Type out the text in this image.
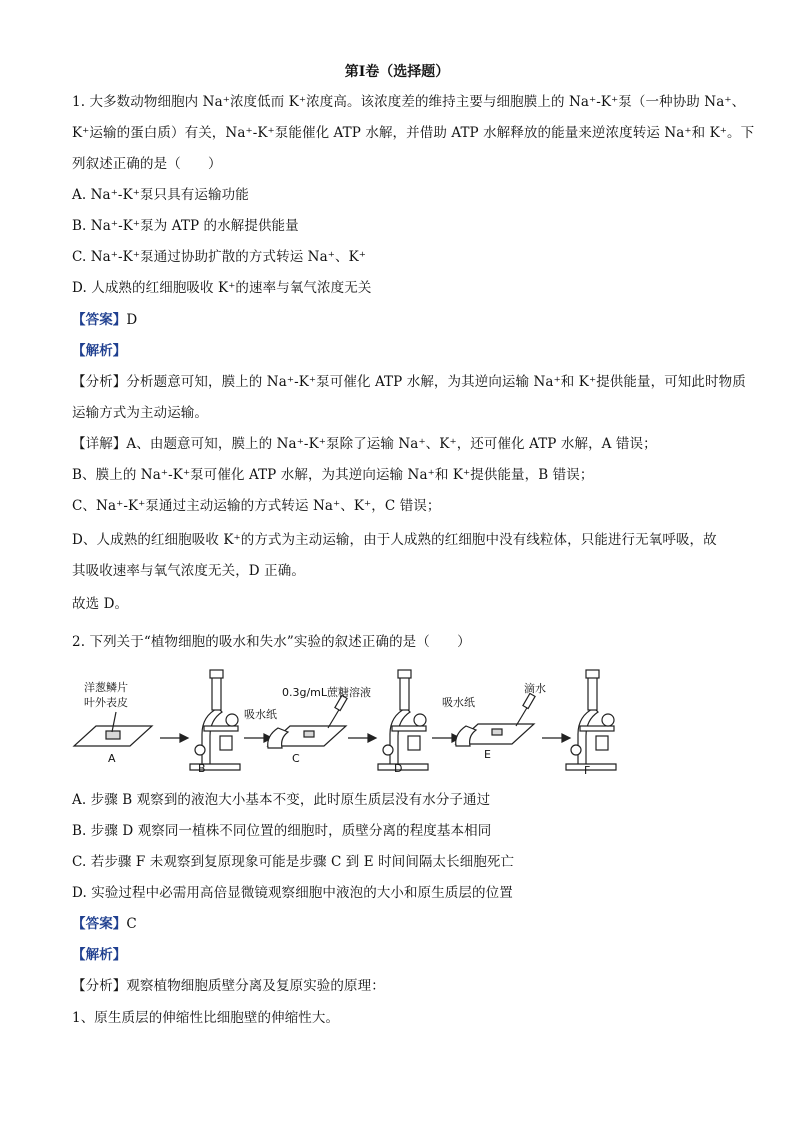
第Ⅰ卷（选择题）
1. 大多数动物细胞内 Na⁺浓度低而 K⁺浓度高。该浓度差的维持主要与细胞膜上的 Na⁺-K⁺泵（一种协助 Na⁺、
K⁺运输的蛋白质）有关，Na⁺-K⁺泵能催化 ATP 水解，并借助 ATP 水解释放的能量来逆浓度转运 Na⁺和 K⁺。下
列叙述正确的是（　　）
A. Na⁺-K⁺泵只具有运输功能
B. Na⁺-K⁺泵为 ATP 的水解提供能量
C. Na⁺-K⁺泵通过协助扩散的方式转运 Na⁺、K⁺
D. 人成熟的红细胞吸收 K⁺的速率与氧气浓度无关
【答案】D
【解析】
【分析】分析题意可知，膜上的 Na⁺-K⁺泵可催化 ATP 水解，为其逆向运输 Na⁺和 K⁺提供能量，可知此时物质
运输方式为主动运输。
【详解】A、由题意可知，膜上的 Na⁺-K⁺泵除了运输 Na⁺、K⁺，还可催化 ATP 水解，A 错误；
B、膜上的 Na⁺-K⁺泵可催化 ATP 水解，为其逆向运输 Na⁺和 K⁺提供能量，B 错误；
C、Na⁺-K⁺泵通过主动运输的方式转运 Na⁺、K⁺，C 错误；
D、人成熟的红细胞吸收 K⁺的方式为主动运输，由于人成熟的红细胞中没有线粒体，只能进行无氧呼吸，故
其吸收速率与氧气浓度无关，D 正确。
故选 D。
2. 下列关于“植物细胞的吸水和失水”实验的叙述正确的是（　　）
洋葱鳞片
叶外表皮
吸水纸
0.3g/mL蔗糖溶液
吸水纸
滴水
A
B
C
D
E
F
A. 步骤 B 观察到的液泡大小基本不变，此时原生质层没有水分子通过
B. 步骤 D 观察同一植株不同位置的细胞时，质壁分离的程度基本相同
C. 若步骤 F 未观察到复原现象可能是步骤 C 到 E 时间间隔太长细胞死亡
D. 实验过程中必需用高倍显微镜观察细胞中液泡的大小和原生质层的位置
【答案】C
【解析】
【分析】观察植物细胞质壁分离及复原实验的原理：
1、原生质层的伸缩性比细胞壁的伸缩性大。
